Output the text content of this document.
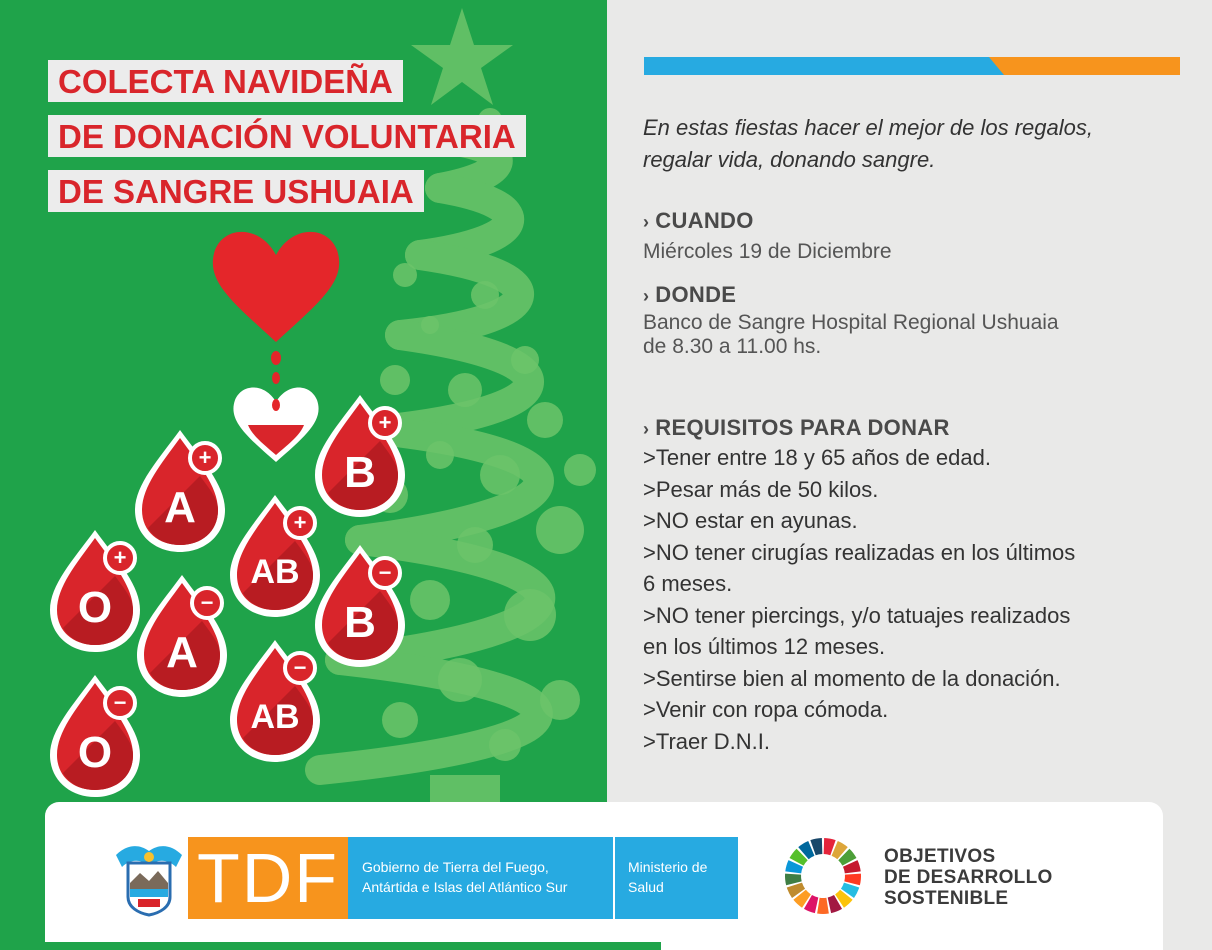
+
A
+
B
+
AB
+
O
−
B
−
A	−
AB
−
O
COLECTA NAVIDEÑA
DE DONACIÓN VOLUNTARIA
DE SANGRE USHUAIA
En estas fiestas hacer el mejor de los regalos,
regalar vida, donando sangre.
› CUANDO
Miércoles 19 de Diciembre
› DONDE
Banco de Sangre Hospital Regional Ushuaia
de 8.30 a 11.00 hs.
› REQUISITOS PARA DONAR
>Tener entre 18 y 65 años de edad.
>Pesar más de 50 kilos.
>NO estar en ayunas.
>NO tener cirugías realizadas en los últimos
6 meses.
>NO tener piercings, y/o tatuajes realizados
en los últimos 12 meses.
>Sentirse bien al momento de la donación.
>Venir con ropa cómoda.
>Traer D.N.I.
TDF	Gobierno de Tierra del Fuego,
Antártida e Islas del Atlántico Sur
Ministerio de
Salud
OBJETIVOS
DE DESARROLLO
SOSTENIBLE
